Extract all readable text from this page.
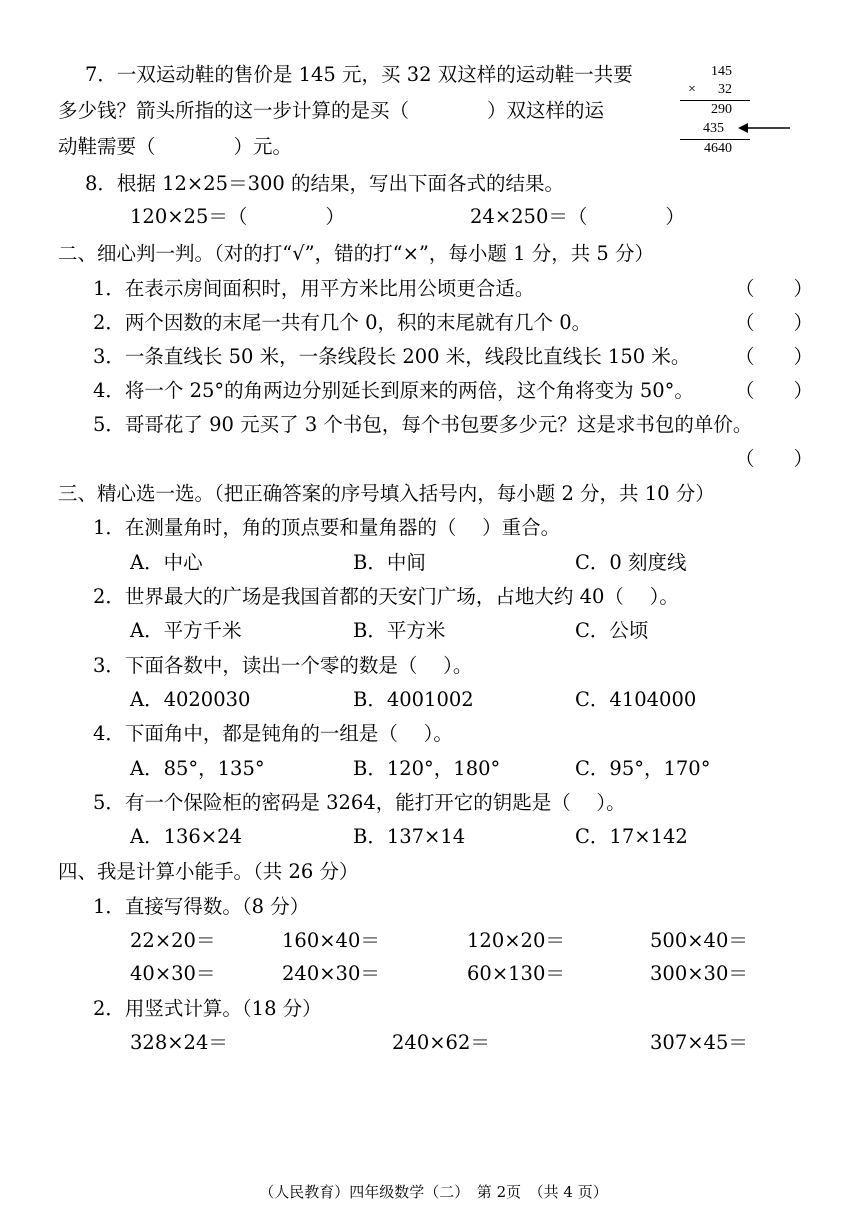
7．一双运动鞋的售价是 145 元，买 32 双这样的运动鞋一共要
多少钱？箭头所指的这一步计算的是买（　　　　）双这样的运
动鞋需要（　　　　）元。
145
×	32
290
435
4640
8．根据 12×25＝300 的结果，写出下面各式的结果。
120×25＝（　　　　）	24×250＝（　　　　）
二、细心判一判。（对的打“√”，错的打“×”，每小题 1 分，共 5 分）
1．在表示房间面积时，用平方米比用公顷更合适。	（　　）
2．两个因数的末尾一共有几个 0，积的末尾就有几个 0。	（　　）
3．一条直线长 50 米，一条线段长 200 米，线段比直线长 150 米。 （　　）
4．将一个 25°的角两边分别延长到原来的两倍，这个角将变为 50°。 （　　）
5．哥哥花了 90 元买了 3 个书包，每个书包要多少元？这是求书包的单价。
（　　）
三、精心选一选。（把正确答案的序号填入括号内，每小题 2 分，共 10 分）
1．在测量角时，角的顶点要和量角器的（　 ）重合。
A．中心	B．中间	C．0 刻度线
2．世界最大的广场是我国首都的天安门广场，占地大约 40（　 ）。
A．平方千米	B．平方米	C．公顷
3．下面各数中，读出一个零的数是（　 ）。
A．4020030	B．4001002	C．4104000
4．下面角中，都是钝角的一组是（　 ）。
A．85°，135°	B．120°，180°	C．95°，170°
5．有一个保险柜的密码是 3264，能打开它的钥匙是（　 ）。
A．136×24	B．137×14	C．17×142
四、我是计算小能手。（共 26 分）
1．直接写得数。（8 分）
22×20＝	160×40＝	120×20＝	500×40＝
40×30＝	240×30＝	60×130＝	300×30＝
2．用竖式计算。（18 分）
328×24＝	240×62＝	307×45＝
（人民教育）四年级数学（二）　第 2页　（共 4 页）
